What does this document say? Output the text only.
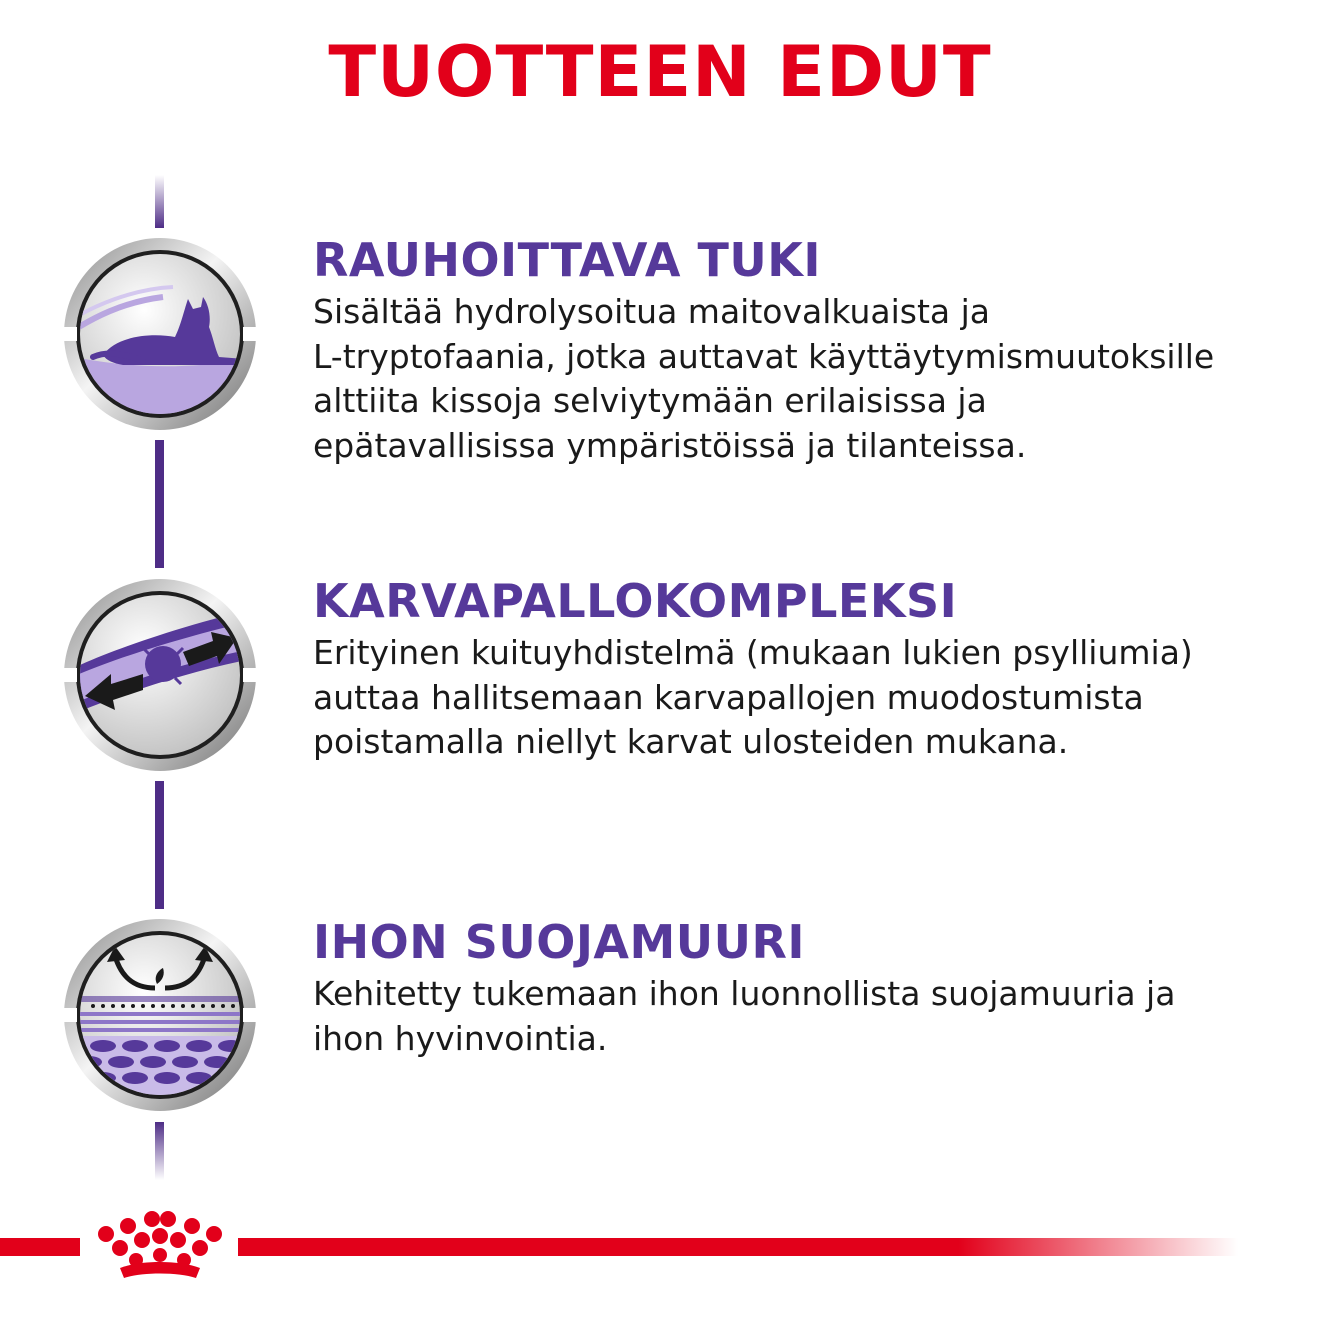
TUOTTEEN EDUT
RAUHOITTAVA TUKI

Sisältää hydrolysoitua maitovalkuaista ja
L-tryptofaania, jotka auttavat käyttäytymismuutoksille
alttiita kissoja selviytymään erilaisissa ja
epätavallisissa ympäristöissä ja tilanteissa.

KARVAPALLOKOMPLEKSI

Erityinen kuituyhdistelmä (mukaan lukien psylliumia)
auttaa hallitsemaan karvapallojen muodostumista
poistamalla niellyt karvat ulosteiden mukana.

IHON SUOJAMUURI

Kehitetty tukemaan ihon luonnollista suojamuuria ja
ihon hyvinvointia.
